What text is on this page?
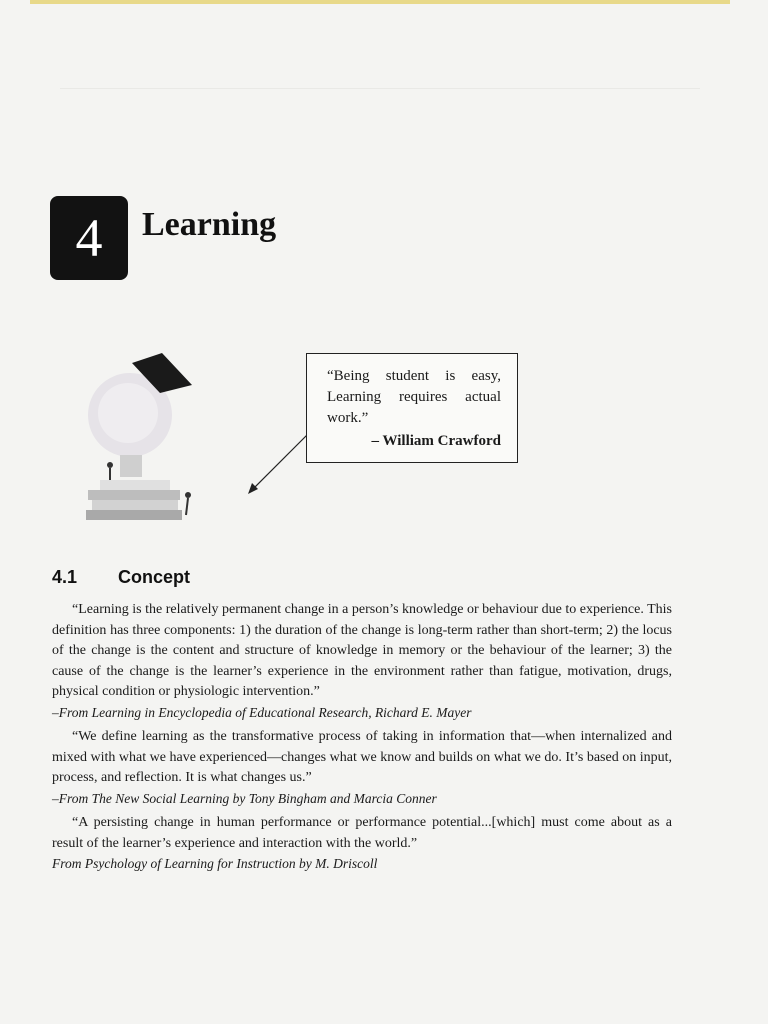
4 Learning
“Being student is easy, Learning requires actual work.”
– William Crawford
4.1 Concept

“Learning is the relatively permanent change in a person’s knowledge or behaviour due to experience. This definition has three components: 1) the duration of the change is long-term rather than short-term; 2) the locus of the change is the content and structure of knowledge in memory or the behaviour of the learner; 3) the cause of the change is the learner’s experience in the environment rather than fatigue, motivation, drugs, physical condition or physiologic intervention.”

–From Learning in Encyclopedia of Educational Research, Richard E. Mayer

“We define learning as the transformative process of taking in information that—when internalized and mixed with what we have experienced—changes what we know and builds on what we do. It’s based on input, process, and reflection. It is what changes us.”

–From The New Social Learning by Tony Bingham and Marcia Conner

“A persisting change in human performance or performance potential...[which] must come about as a result of the learner’s experience and interaction with the world.”

From Psychology of Learning for Instruction by M. Driscoll
